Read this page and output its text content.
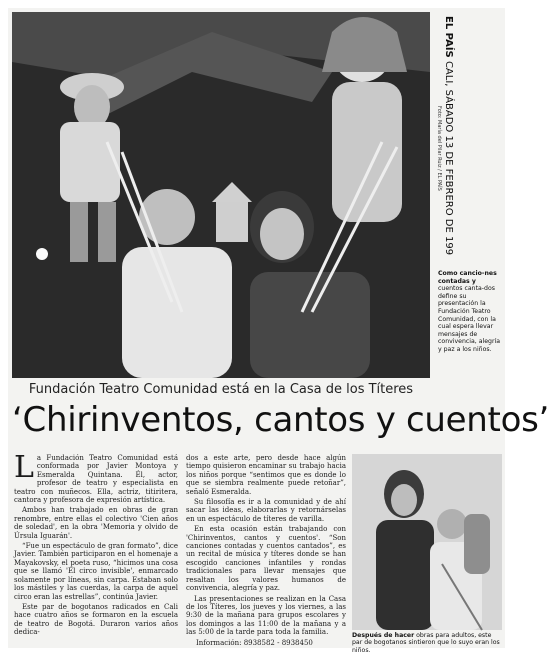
EL PAÍS CALI, SÁBADO 13 DE FEBRERO DE 199
Foto: María del Pilar Ruiz / EL PAÍS
Como cancio-nes contadas y cuentos canta-dos define su presentación la Fundación Teatro Comunidad, con la cual espera llevar mensajes de convivencia, alegría y paz a los niños.
Fundación Teatro Comunidad está en la Casa de los Títeres
‘Chirinventos, cantos y cuentos’

La Fundación Teatro Comunidad está conformada por Javier Montoya y Esmeralda Quintana. Él, actor, profesor de teatro y especialista en teatro con muñecos. Ella, actriz, titiritera, cantora y profesora de expresión artística.

Ambos han trabajado en obras de gran renombre, entre ellas el colectivo 'Cien años de soledad', en la obra 'Memoria y olvido de Úrsula Iguarán'.

“Fue un espectáculo de gran formato”, dice Javier. También participaron en el homenaje a Mayakovsky, el poeta ruso, “hicimos una cosa que se llamó 'El circo invisible', enmarcado solamente por líneas, sin carpa. Estaban solo los mástiles y las cuerdas, la carpa de aquel circo eran las estrellas”, continúa Javier.

Este par de bogotanos radicados en Cali hace cuatro años se formaron en la escuela de teatro de Bogotá. Duraron varios años dedica-

dos a este arte, pero desde hace algún tiempo quisieron encaminar su trabajo hacia los niños porque “sentimos que es donde lo que se siembra realmente puede retoñar”, señaló Esmeralda.

Su filosofía es ir a la comunidad y de ahí sacar las ideas, elaborarlas y retornárselas en un espectáculo de títeres de varilla.

En esta ocasión están trabajando con 'Chirinventos, cantos y cuentos'. “Son canciones contadas y cuentos cantados”, es un recital de música y títeres donde se han escogido canciones infantiles y rondas tradicionales para llevar mensajes que resaltan los valores humanos de convivencia, alegría y paz.

Las presentaciones se realizan en la Casa de los Títeres, los jueves y los viernes, a las 9:30 de la mañana para grupos escolares y los domingos a las 11:00 de la mañana y a las 5:00 de la tarde para toda la familia.

Información: 8938582 - 8938450

Después de hacer obras para adultos, este par de bogotanos sintieron que lo suyo eran los niños.
